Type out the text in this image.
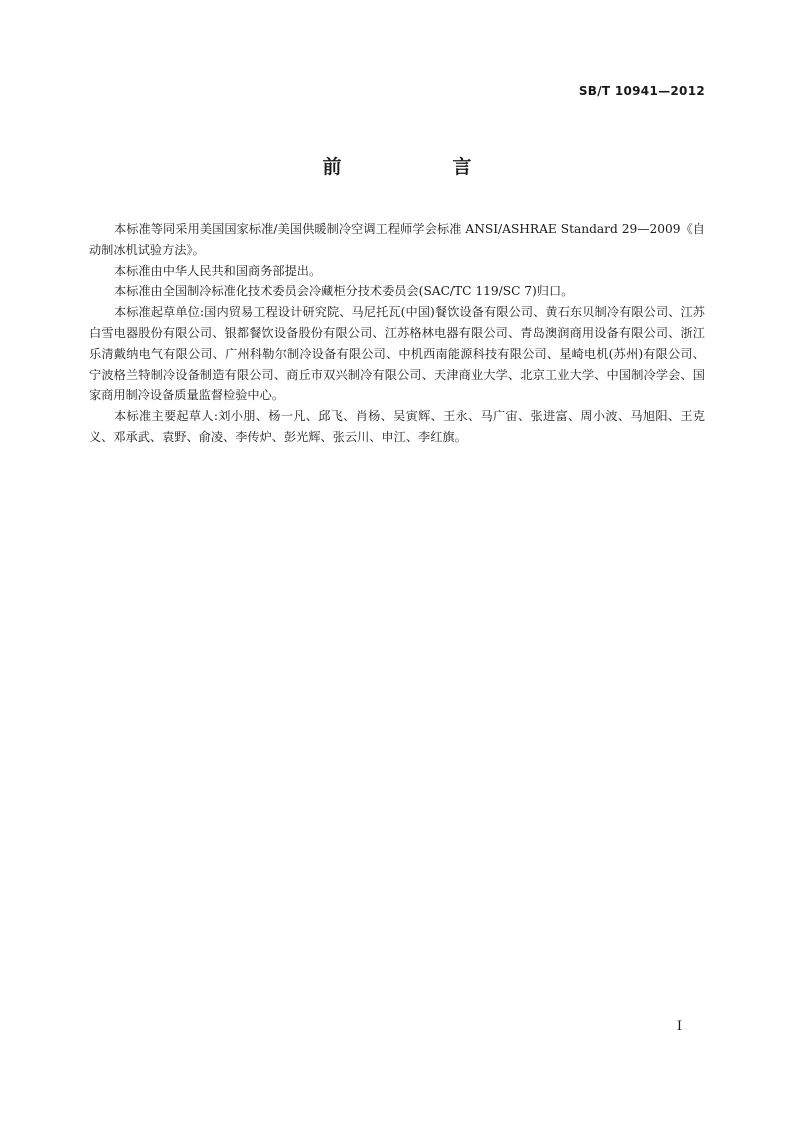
SB/T 10941—2012
前　言

本标准等同采用美国国家标准/美国供暖制冷空调工程师学会标准 ANSI/ASHRAE Standard 29—2009《自动制冰机试验方法》。

本标准由中华人民共和国商务部提出。

本标准由全国制冷标准化技术委员会冷藏柜分技术委员会(SAC/TC 119/SC 7)归口。

本标准起草单位:国内贸易工程设计研究院、马尼托瓦(中国)餐饮设备有限公司、黄石东贝制冷有限公司、江苏白雪电器股份有限公司、银都餐饮设备股份有限公司、江苏格林电器有限公司、青岛澳润商用设备有限公司、浙江乐清戴纳电气有限公司、广州科勒尔制冷设备有限公司、中机西南能源科技有限公司、星崎电机(苏州)有限公司、宁波格兰特制冷设备制造有限公司、商丘市双兴制冷有限公司、天津商业大学、北京工业大学、中国制冷学会、国家商用制冷设备质量监督检验中心。

本标准主要起草人:刘小朋、杨一凡、邱飞、肖杨、吴寅辉、王永、马广宙、张进富、周小波、马旭阳、王克义、邓承武、袁野、俞凌、李传炉、彭光辉、张云川、申江、李红旗。

I
